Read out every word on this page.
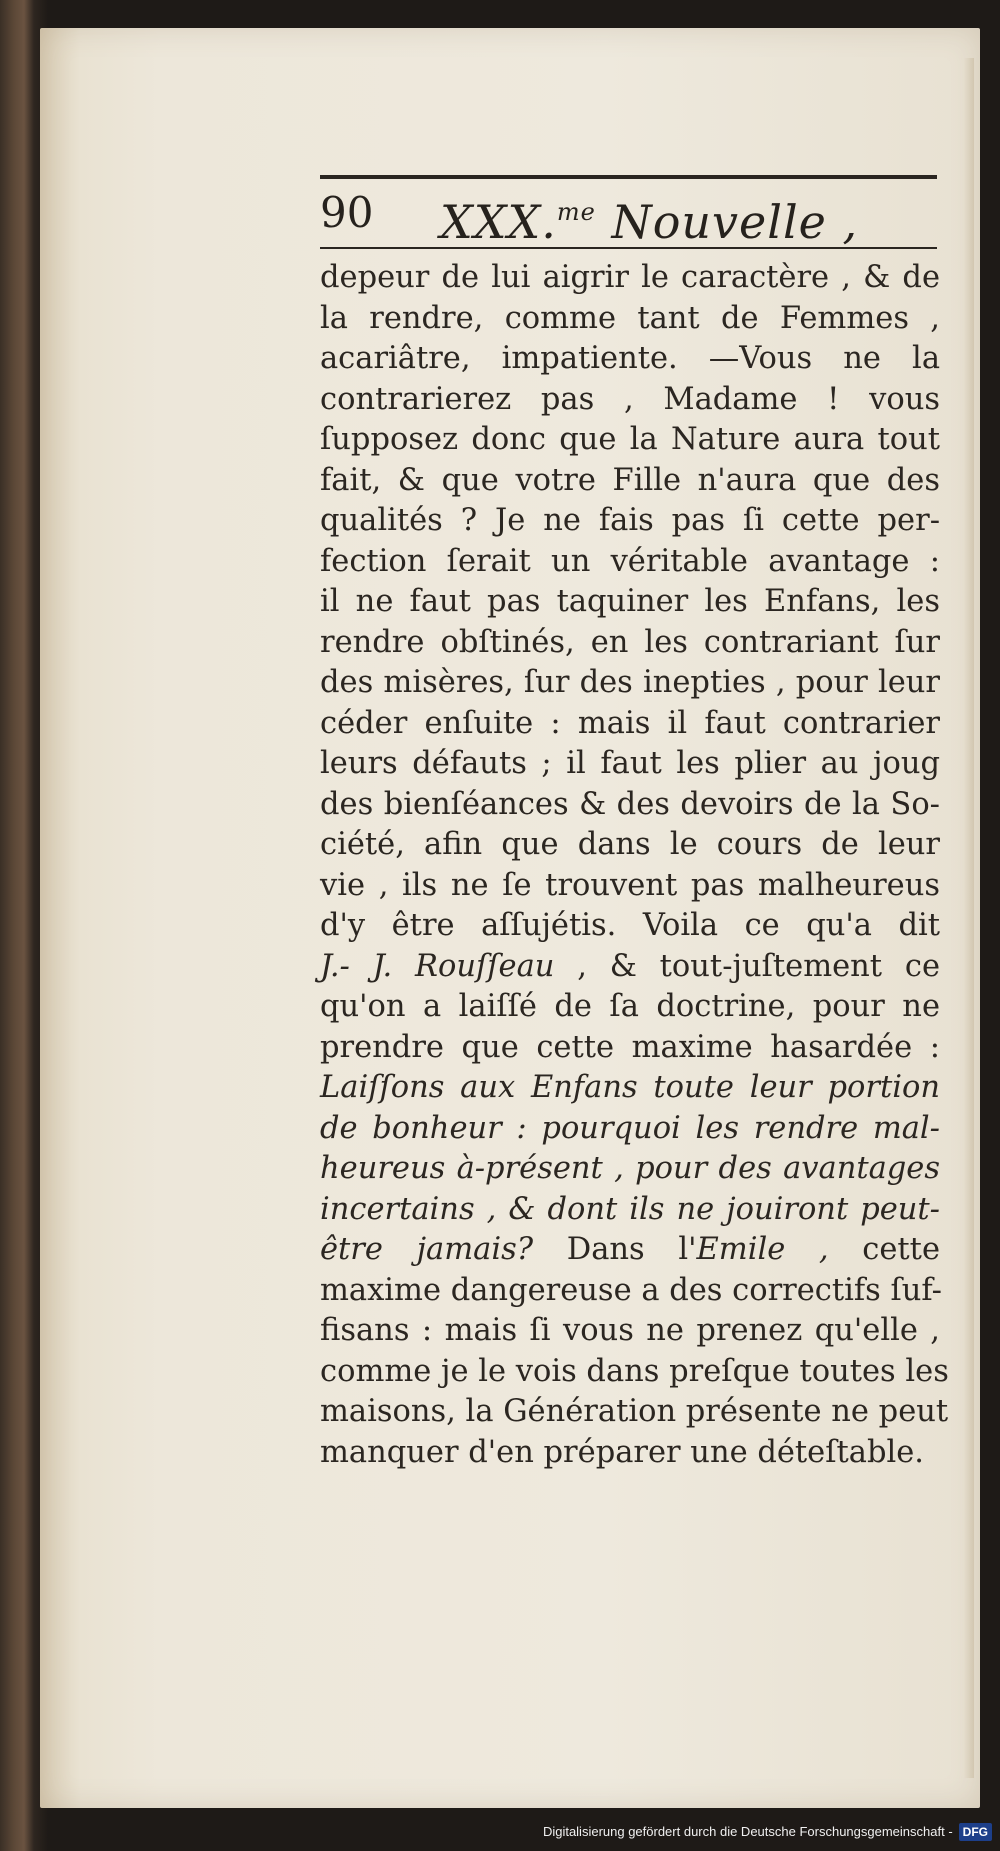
90 XXX.$^{me}$ Nouvelle ,
depeur de lui aigrir le caractère , & de
la rendre, comme tant de Femmes ,
acariâtre, impatiente. —Vous ne la
contrarierez pas , Madame ! vous
ſupposez donc que la Nature aura tout
fait, & que votre Fille n'aura que des
qualités ? Je ne fais pas ſi cette per-
fection ſerait un véritable avantage :
il ne faut pas taquiner les Enfans, les
rendre obſtinés, en les contrariant ſur
des misères, ſur des inepties , pour leur
céder enſuite : mais il faut contrarier
leurs défauts ; il faut les plier au joug
des bienſéances & des devoirs de la So-
ciété, afin que dans le cours de leur
vie , ils ne ſe trouvent pas malheureus
d'y être aſſujétis. Voila ce qu'a dit
J.- J. Rouſſeau , & tout-juſtement ce
qu'on a laiſſé de ſa doctrine, pour ne
prendre que cette maxime hasardée :
Laiſſons aux Enfans toute leur portion
de bonheur : pourquoi les rendre mal-
heureus à-présent , pour des avantages
incertains , & dont ils ne jouiront peut-
être jamais? Dans l'Emile , cette
maxime dangereuse a des correctifs ſuf-
fisans : mais ſi vous ne prenez qu'elle ,
comme je le vois dans preſque toutes les
maisons, la Génération présente ne peut
manquer d'en préparer une déteſtable.
Digitalisierung gefördert durch die Deutsche Forschungsgemeinschaft - DFG
